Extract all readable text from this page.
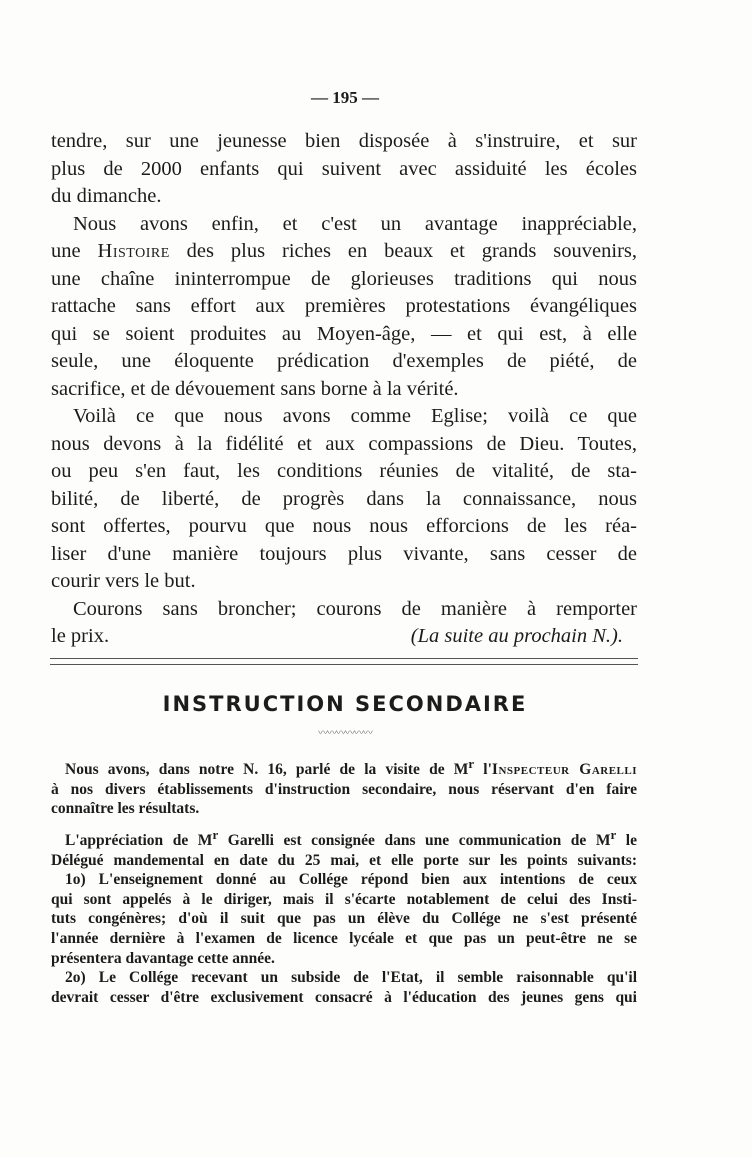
— 195 —
tendre, sur une jeunesse bien disposée à s'instruire, et sur
plus de 2000 enfants qui suivent avec assiduité les écoles
du dimanche.
Nous avons enfin, et c'est un avantage inappréciable,
une Histoire des plus riches en beaux et grands souvenirs,
une chaîne ininterrompue de glorieuses traditions qui nous
rattache sans effort aux premières protestations évangéliques
qui se soient produites au Moyen-âge, — et qui est, à elle
seule, une éloquente prédication d'exemples de piété, de
sacrifice, et de dévouement sans borne à la vérité.
Voilà ce que nous avons comme Eglise; voilà ce que
nous devons à la fidélité et aux compassions de Dieu. Toutes,
ou peu s'en faut, les conditions réunies de vitalité, de sta-
bilité, de liberté, de progrès dans la connaissance, nous
sont offertes, pourvu que nous nous efforcions de les réa-
liser d'une manière toujours plus vivante, sans cesser de
courir vers le but.
Courons sans broncher; courons de manière à remporter
le prix.	(La suite au prochain N.).
INSTRUCTION SECONDAIRE
〰〰〰〰〰〰
Nous avons, dans notre N. 16, parlé de la visite de $M^r$ l'Inspecteur Garelli
à nos divers établissements d'instruction secondaire, nous réservant d'en faire
connaître les résultats.
L'appréciation de $M^r$ Garelli est consignée dans une communication de $M^r$ le
Délégué mandemental en date du 25 mai, et elle porte sur les points suivants:
1o) L'enseignement donné au Collége répond bien aux intentions de ceux
qui sont appelés à le diriger, mais il s'écarte notablement de celui des Insti-
tuts congénères; d'où il suit que pas un élève du Collége ne s'est présenté
l'année dernière à l'examen de licence lycéale et que pas un peut-être ne se
présentera davantage cette année.
2o) Le Collége recevant un subside de l'Etat, il semble raisonnable qu'il
devrait cesser d'être exclusivement consacré à l'éducation des jeunes gens qui
